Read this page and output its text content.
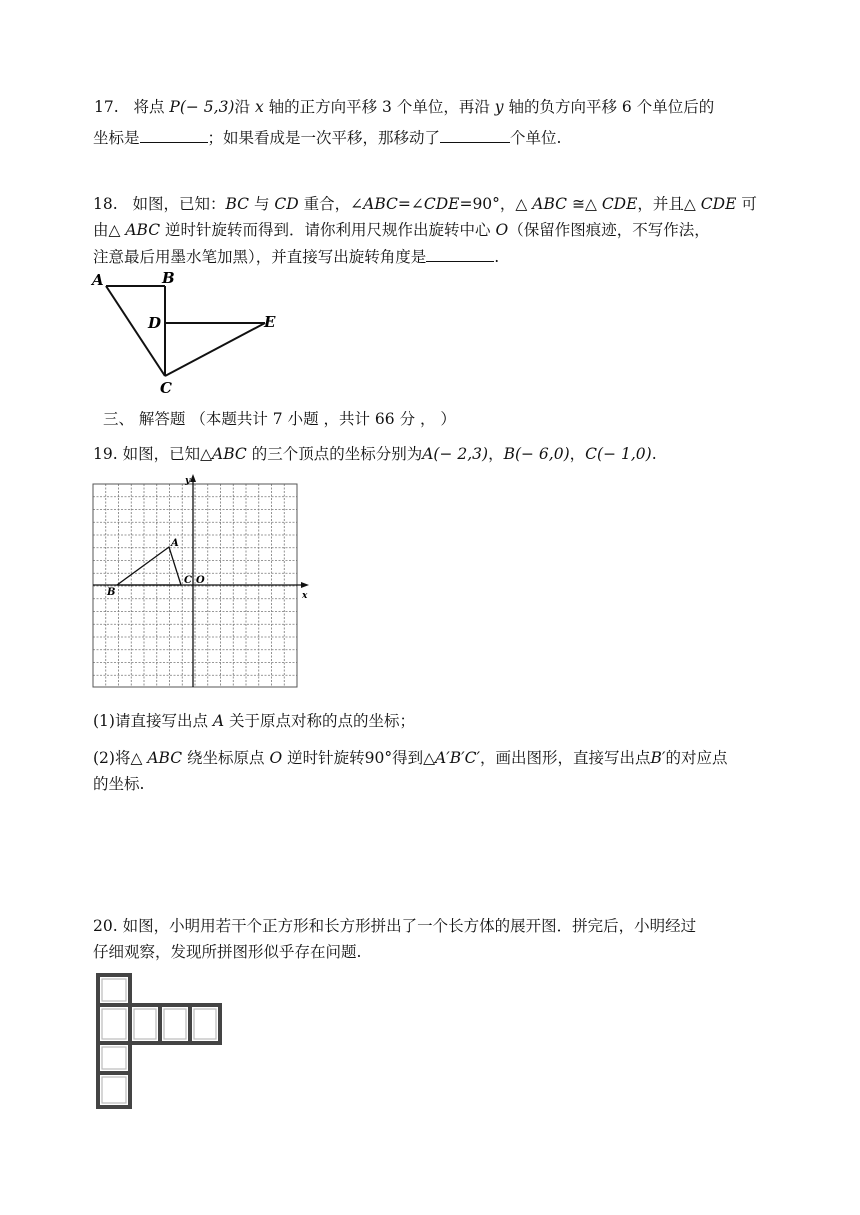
17. 将点 P(− 5,3)沿 x 轴的正方向平移 3 个单位，再沿 y 轴的负方向平移 6 个单位后的
坐标是	；如果看成是一次平移，那移动了	个单位.
18. 如图，已知：BC 与 CD 重合，∠ABC=∠CDE=90°，△ ABC ≅△ CDE，并且△ CDE 可
由△ ABC 逆时针旋转而得到．请你利用尺规作出旋转中心 O（保留作图痕迹，不写作法，
注意最后用墨水笔加黑），并直接写出旋转角度是	.
A	B
D	E
C
三、 解答题 （本题共计 7 小题 ，共计 66 分 ， ）
19. 如图，已知△ABC 的三个顶点的坐标分别为A(− 2,3)，B(− 6,0)，C(− 1,0).
x
y
A
B
C O
(1)请直接写出点 A 关于原点对称的点的坐标；
(2)将△ ABC 绕坐标原点 O 逆时针旋转90°得到△A′B′C′，画出图形，直接写出点B′的对应点
的坐标.
20. 如图，小明用若干个正方形和长方形拼出了一个长方体的展开图．拼完后，小明经过
仔细观察，发现所拼图形似乎存在问题.
